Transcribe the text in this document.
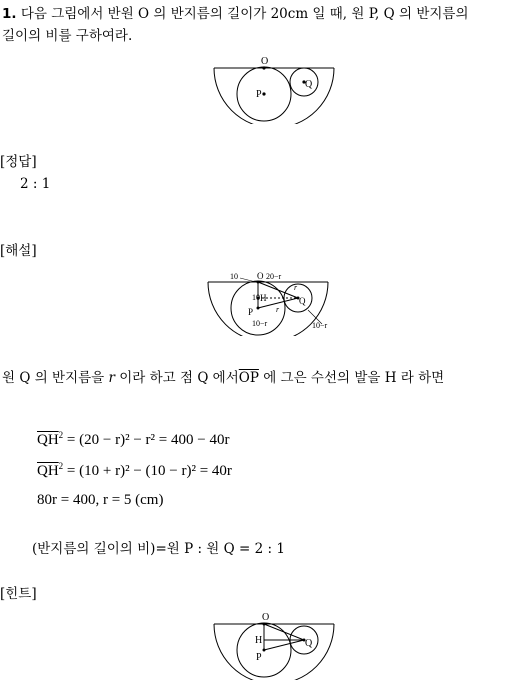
1. 다음 그림에서 반원 O 의 반지름의 길이가 20cm 일 때, 원 P, Q 의 반지름의
길이의 비를 구하여라.
O
P
Q
[정답]
2 : 1
[해설]
O
H
P
Q
10	20−r
10
r
r
10−r	10−r
원 Q 의 반지름을 r 이라 하고 점 Q 에서$\overline{OP}$ 에 그은 수선의 발을 H 라 하면
$\overline{QH}^2 = (20 - r)^2 - r^2 = 400 - 40r$
$\overline{QH}^2 = (10 + r)^2 - (10 - r)^2 = 40r$
80r = 400, r = 5 (cm)
(반지름의 길이의 비)=원 P : 원 Q = 2 : 1
[힌트]
O
H
P
Q
